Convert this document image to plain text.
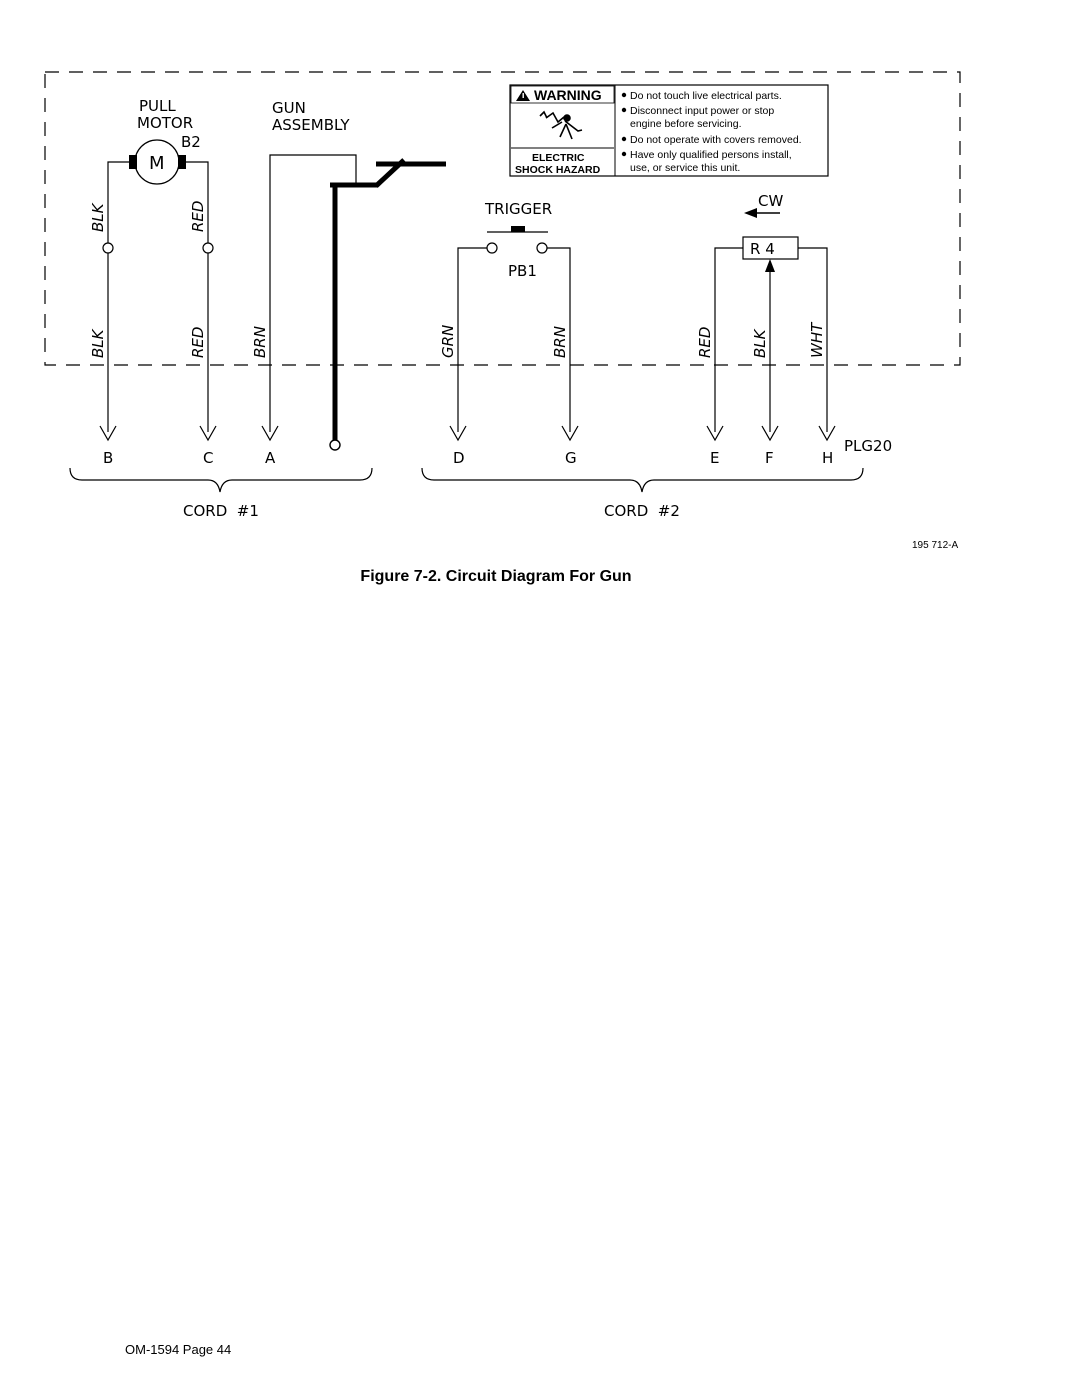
PULL
MOTOR
B2
M
BLK	RED
GUN
ASSEMBLY
WARNING
ELECTRIC
SHOCK HAZARD
Do not touch live electrical parts.
Disconnect input power or stop
engine before servicing.
Do not operate with covers removed.
Have only qualified persons install,
use, or service this unit.
TRIGGER
PB1
CW
R 4
BLK	RED	BRN	GRN	BRN	RED BLK	WHT
B	C	A	D	G	E	F	H
PLG20
CORD  #1	CORD  #2
195 712-A
Figure 7-2. Circuit Diagram For Gun
OM-1594 Page 44
